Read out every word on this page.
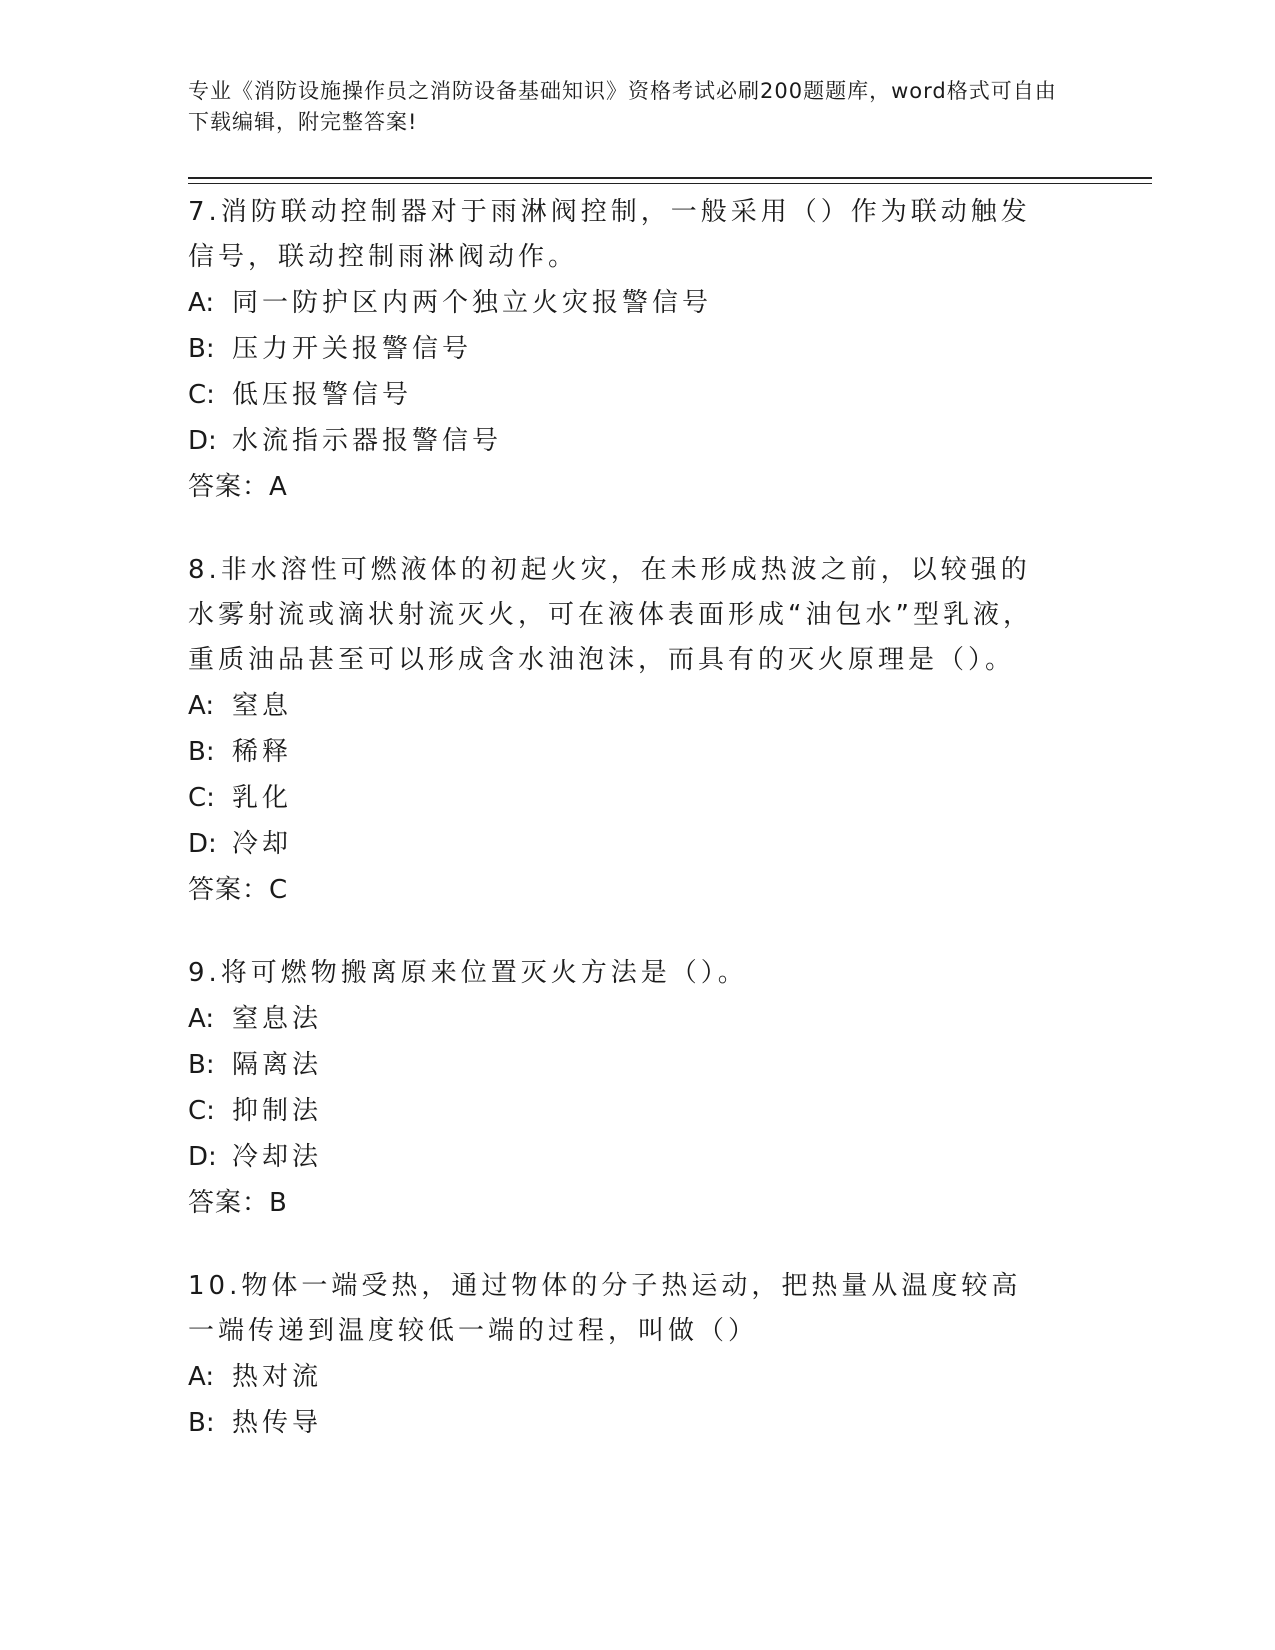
专业《消防设施操作员之消防设备基础知识》资格考试必刷200题题库，word格式可自由下载编辑，附完整答案!

7.消防联动控制器对于雨淋阀控制，一般采用（）作为联动触发信号，联动控制雨淋阀动作。

A: 同一防护区内两个独立火灾报警信号

B: 压力开关报警信号

C: 低压报警信号

D: 水流指示器报警信号

答案：A

8.非水溶性可燃液体的初起火灾，在未形成热波之前，以较强的水雾射流或滴状射流灭火，可在液体表面形成“油包水”型乳液，重质油品甚至可以形成含水油泡沫，而具有的灭火原理是（）。

A: 窒息

B: 稀释

C: 乳化

D: 冷却

答案：C

9.将可燃物搬离原来位置灭火方法是（）。

A: 窒息法

B: 隔离法

C: 抑制法

D: 冷却法

答案：B

10.物体一端受热，通过物体的分子热运动，把热量从温度较高一端传递到温度较低一端的过程，叫做（）

A: 热对流

B: 热传导
